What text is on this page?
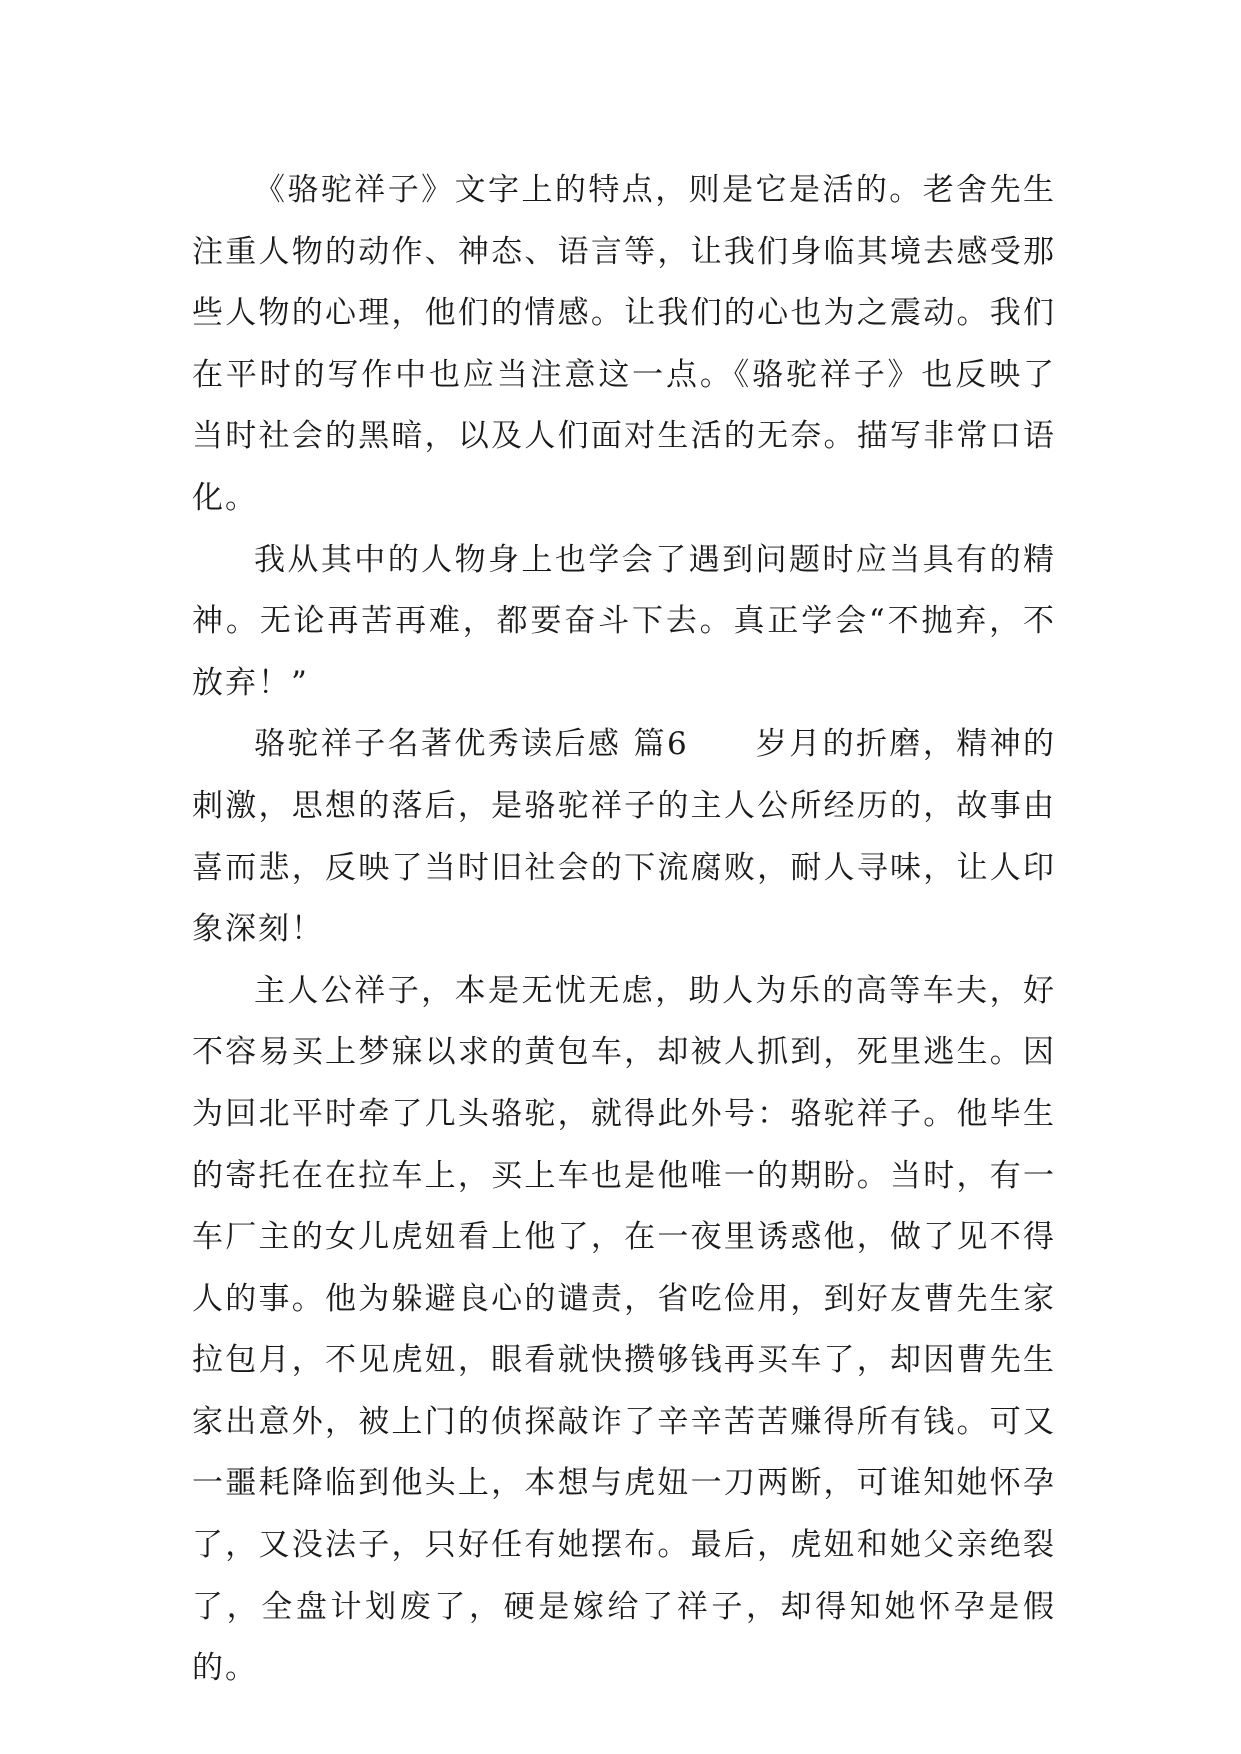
《骆驼祥子》文字上的特点，则是它是活的。老舍先生注重人物的动作、神态、语言等，让我们身临其境去感受那些人物的心理，他们的情感。让我们的心也为之震动。我们在平时的写作中也应当注意这一点。《骆驼祥子》也反映了当时社会的黑暗，以及人们面对生活的无奈。描写非常口语化。

我从其中的人物身上也学会了遇到问题时应当具有的精神。无论再苦再难，都要奋斗下去。真正学会“不抛弃，不放弃！”

骆驼祥子名著优秀读后感 篇6　　岁月的折磨，精神的刺激，思想的落后，是骆驼祥子的主人公所经历的，故事由喜而悲，反映了当时旧社会的下流腐败，耐人寻味，让人印象深刻！

主人公祥子，本是无忧无虑，助人为乐的高等车夫，好不容易买上梦寐以求的黄包车，却被人抓到，死里逃生。因为回北平时牵了几头骆驼，就得此外号：骆驼祥子。他毕生的寄托在在拉车上，买上车也是他唯一的期盼。当时，有一车厂主的女儿虎妞看上他了，在一夜里诱惑他，做了见不得人的事。他为躲避良心的谴责，省吃俭用，到好友曹先生家拉包月，不见虎妞，眼看就快攒够钱再买车了，却因曹先生家出意外，被上门的侦探敲诈了辛辛苦苦赚得所有钱。可又一噩耗降临到他头上，本想与虎妞一刀两断，可谁知她怀孕了，又没法子，只好任有她摆布。最后，虎妞和她父亲绝裂了，全盘计划废了，硬是嫁给了祥子，却得知她怀孕是假的。
